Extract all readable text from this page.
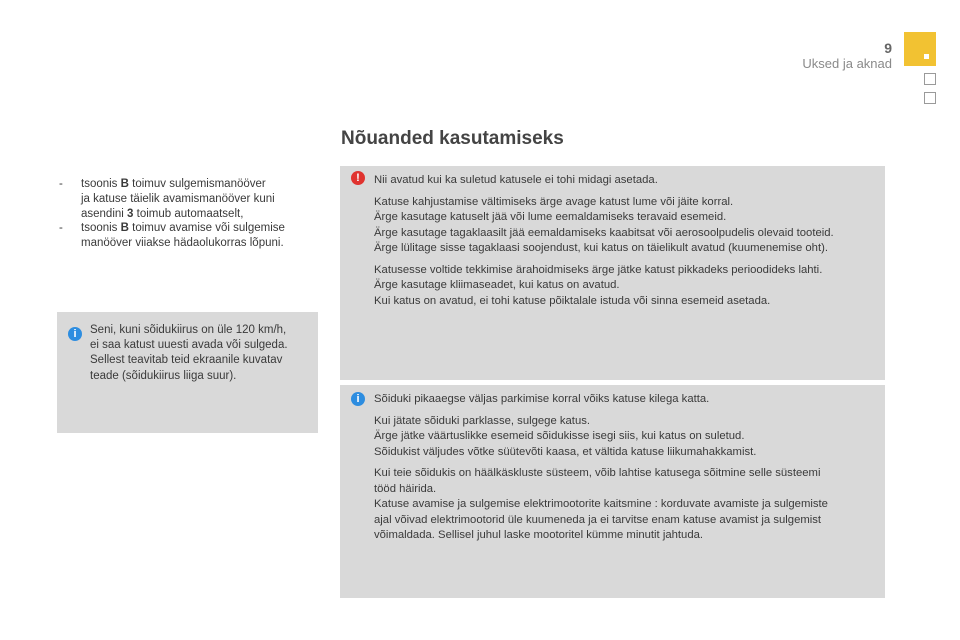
9
Uksed ja aknad
- tsoonis B toimuv sulgemismanööver
ja katuse täielik avamismanööver kuni
asendini 3 toimub automaatselt,
- tsoonis B toimuv avamise või sulgemise
manööver viiakse hädaolukorras lõpuni.
i	Seni, kuni sõidukiirus on üle 120 km/h,
ei saa katust uuesti avada või sulgeda.
Sellest teavitab teid ekraanile kuvatav
teade (sõidukiirus liiga suur).
Nõuanded kasutamiseks
!	Nii avatud kui ka suletud katusele ei tohi midagi asetada.

Katuse kahjustamise vältimiseks ärge avage katust lume või jäite korral.
Ärge kasutage katuselt jää või lume eemaldamiseks teravaid esemeid.
Ärge kasutage tagaklaasilt jää eemaldamiseks kaabitsat või aerosoolpudelis olevaid tooteid.
Ärge lülitage sisse tagaklaasi soojendust, kui katus on täielikult avatud (kuumenemise oht).

Katusesse voltide tekkimise ärahoidmiseks ärge jätke katust pikkadeks perioodideks lahti.
Ärge kasutage kliimaseadet, kui katus on avatud.
Kui katus on avatud, ei tohi katuse põiktalale istuda või sinna esemeid asetada.

i	Sõiduki pikaaegse väljas parkimise korral võiks katuse kilega katta.

Kui jätate sõiduki parklasse, sulgege katus.
Ärge jätke väärtuslikke esemeid sõidukisse isegi siis, kui katus on suletud.
Sõidukist väljudes võtke süütevõti kaasa, et vältida katuse liikumahakkamist.

Kui teie sõidukis on häälkäskluste süsteem, võib lahtise katusega sõitmine selle süsteemi
tööd häirida.
Katuse avamise ja sulgemise elektrimootorite kaitsmine : korduvate avamiste ja sulgemiste
ajal võivad elektrimootorid üle kuumeneda ja ei tarvitse enam katuse avamist ja sulgemist
võimaldada. Sellisel juhul laske mootoritel kümme minutit jahtuda.
